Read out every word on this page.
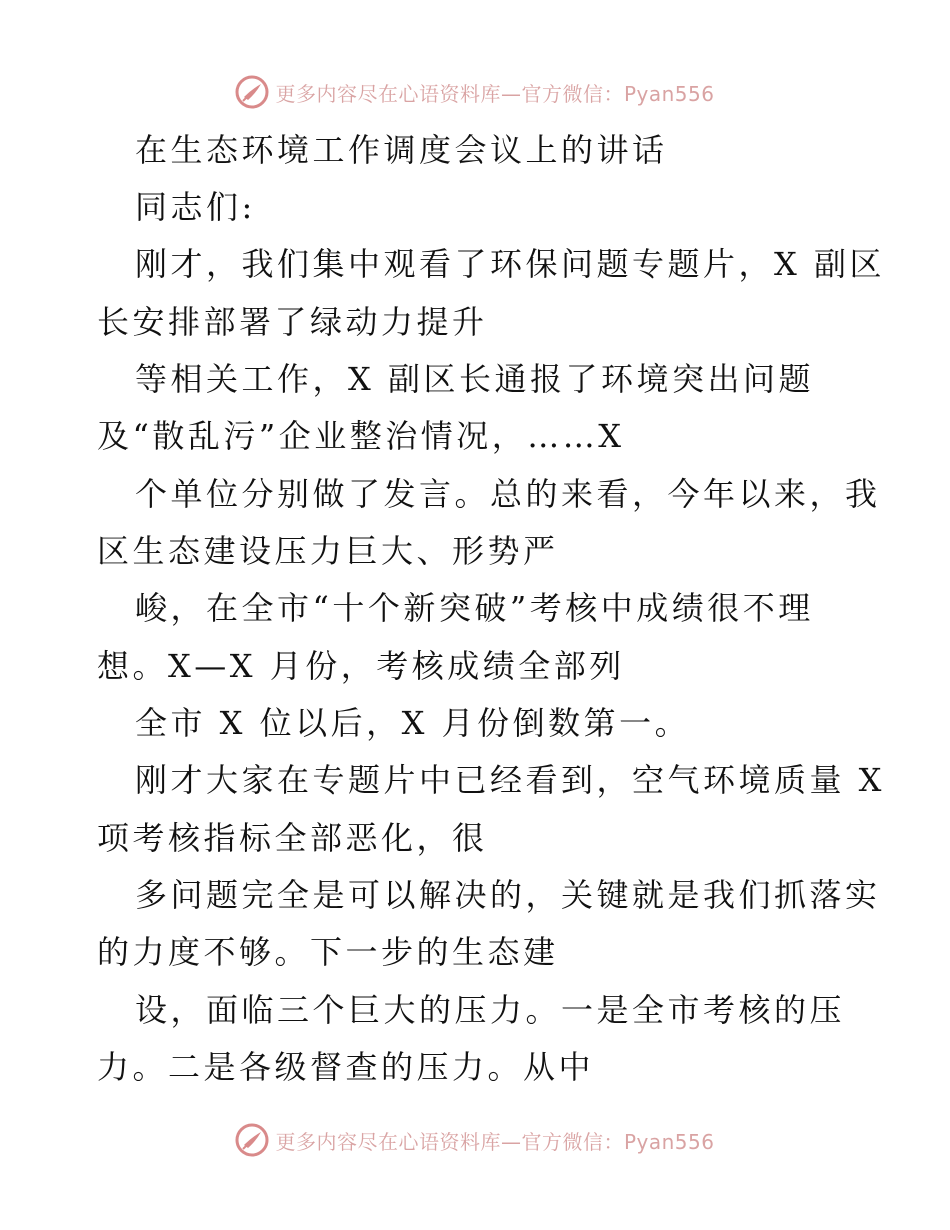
更多内容尽在心语资料库—官方微信：Pyan556
在生态环境工作调度会议上的讲话
同志们:
刚才，我们集中观看了环保问题专题片，X 副区
长安排部署了绿动力提升
等相关工作，X 副区长通报了环境突出问题
及“散乱污”企业整治情况，……X
个单位分别做了发言。总的来看，今年以来，我
区生态建设压力巨大、形势严
峻，在全市“十个新突破”考核中成绩很不理
想。X—X 月份，考核成绩全部列
全市 X 位以后，X 月份倒数第一。
刚才大家在专题片中已经看到，空气环境质量 X
项考核指标全部恶化，很
多问题完全是可以解决的，关键就是我们抓落实
的力度不够。下一步的生态建
设，面临三个巨大的压力。一是全市考核的压
力。二是各级督查的压力。从中
更多内容尽在心语资料库—官方微信：Pyan556
